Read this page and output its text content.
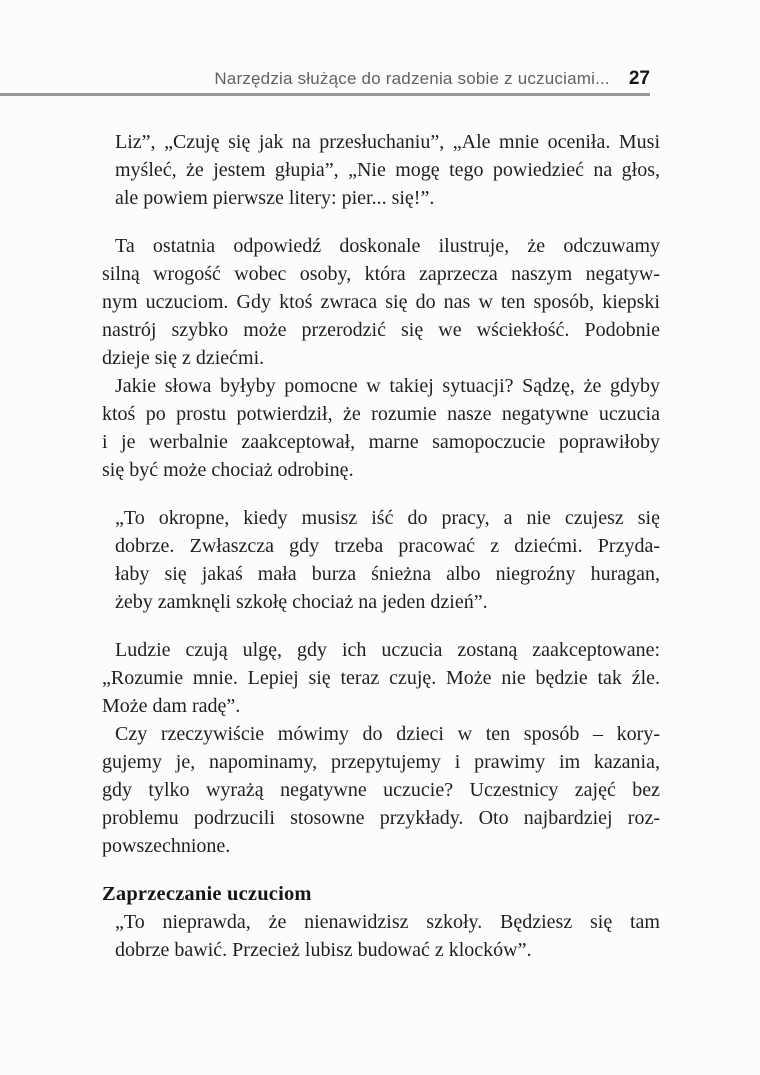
Narzędzia służące do radzenia sobie z uczuciami... 27
Liz”, „Czuję się jak na przesłuchaniu”, „Ale mnie oceniła. Musi
myśleć, że jestem głupia”, „Nie mogę tego powiedzieć na głos,
ale powiem pierwsze litery: pier... się!”.
Ta ostatnia odpowiedź doskonale ilustruje, że odczuwamy
silną wrogość wobec osoby, która zaprzecza naszym negatyw-
nym uczuciom. Gdy ktoś zwraca się do nas w ten sposób, kiepski
nastrój szybko może przerodzić się we wściekłość. Podobnie
dzieje się z dziećmi.
Jakie słowa byłyby pomocne w takiej sytuacji? Sądzę, że gdyby
ktoś po prostu potwierdził, że rozumie nasze negatywne uczucia
i je werbalnie zaakceptował, marne samopoczucie poprawiłoby
się być może chociaż odrobinę.
„To okropne, kiedy musisz iść do pracy, a nie czujesz się
dobrze. Zwłaszcza gdy trzeba pracować z dziećmi. Przyda-
łaby się jakaś mała burza śnieżna albo niegroźny huragan,
żeby zamknęli szkołę chociaż na jeden dzień”.
Ludzie czują ulgę, gdy ich uczucia zostaną zaakceptowane:
„Rozumie mnie. Lepiej się teraz czuję. Może nie będzie tak źle.
Może dam radę”.
Czy rzeczywiście mówimy do dzieci w ten sposób – kory-
gujemy je, napominamy, przepytujemy i prawimy im kazania,
gdy tylko wyrażą negatywne uczucie? Uczestnicy zajęć bez
problemu podrzucili stosowne przykłady. Oto najbardziej roz-
powszechnione.
Zaprzeczanie uczuciom
„To nieprawda, że nienawidzisz szkoły. Będziesz się tam
dobrze bawić. Przecież lubisz budować z klocków”.
